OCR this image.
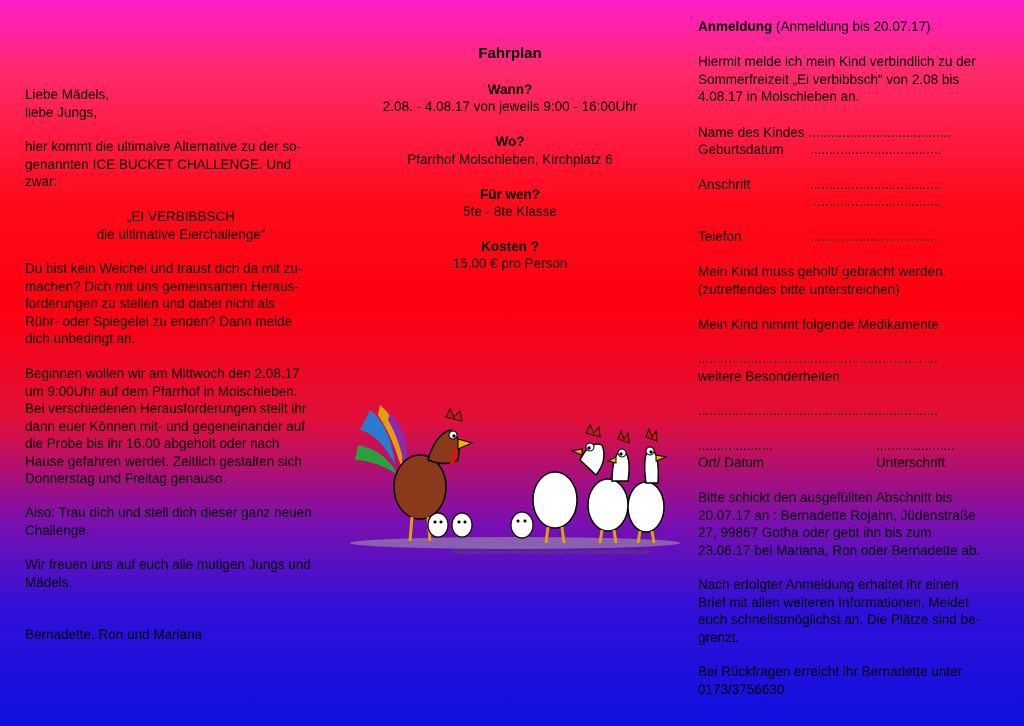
Liebe Mädels,
liebe Jungs,

hier kommt die ultimaive Alternative zu der so-
genannten ICE BUCKET CHALLENGE. Und
zwar:

„EI VERBIBBSCH
die ultimative Eierchallenge“

Du bist kein Weichei und traust dich da mit zu-
machen? Dich mit uns gemeinsamen Heraus-
forderungen zu stellen und dabei nicht als
Rühr- oder Spiegelei zu enden? Dann melde
dich unbedingt an.

Beginnen wollen wir am Mittwoch den 2.08.17
um 9:00Uhr auf dem Pfarrhof in Molschleben.
Bei verschiedenen Herausforderungen stellt ihr
dann euer Können mit- und gegeneinander auf
die Probe bis ihr 16.00 abgeholt oder nach
Hause gefahren werdet. Zeitlich gestalten sich
Donnerstag und Freitag genauso.

Also: Trau dich und stell dich dieser ganz neuen
Challenge.

Wir freuen uns auf euch alle mutigen Jungs und
Mädels.

Bernadette, Ron und Mariana

Fahrplan
Wann?
2.08. - 4.08.17 von jeweils 9:00 - 16:00Uhr
Wo?
Pfarrhof Molschleben, Kirchplatz 6
Für wen?
5te - 8te Klasse
Kosten ?
15,00 € pro Person
Bildquellen: www.unterbaumbrücke.de, www.solicaster-fotolbilder.de
Anmeldung (Anmeldung bis 20.07.17)

Hiermit melde ich mein Kind verbindlich zu der
Sommerfreizeit „Ei verbibbsch“ von 2.08 bis
4.08.17 in Molschleben an.

Name des Kindes ......................................
Geburtsdatum ...................................
Anschrift	...................................
...................................
Telefon	..................................

Mein Kind muss geholt/ gebracht werden.
(zutreffendes bitte unterstreichen)

Mein Kind nimmt folgende Medikamente
................................................................
weitere Besonderheiten
................................................................
....................	.....................
Ort/ Datum	Unterschrift

Bitte schickt den ausgefüllten Abschnitt bis
20.07.17 an : Bernadette Rojahn, Jüdenstraße
27, 99867 Gotha oder gebt ihn bis zum
23.06.17 bei Mariana, Ron oder Bernadette ab.

Nach erfolgter Anmeldung erhaltet ihr einen
Brief mit allen weiteren Informationen. Meldet
euch schnellstmöglichst an. Die Plätze sind be-
grenzt.

Bei Rückfragen erreicht ihr Bernadette unter
0173/3756630
